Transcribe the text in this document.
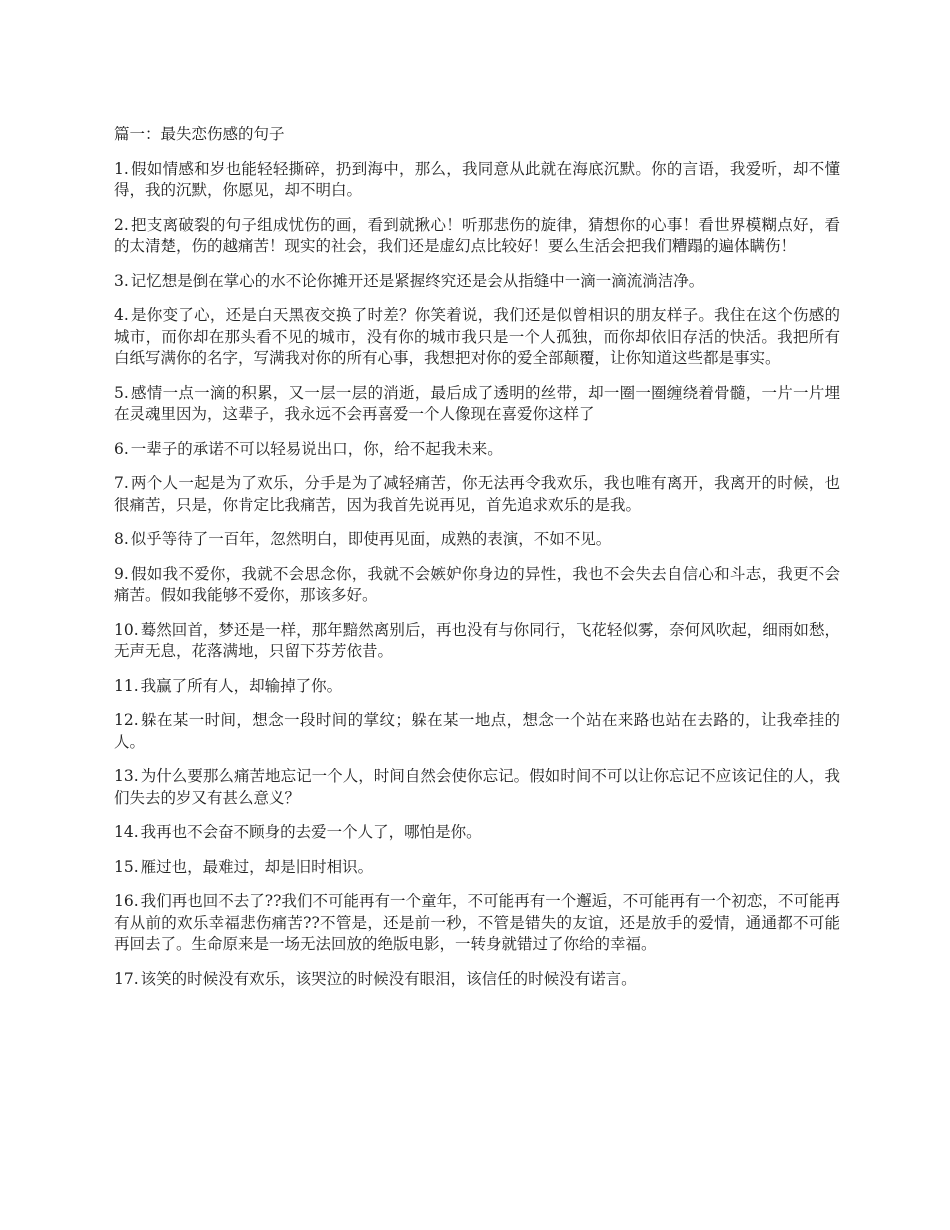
篇一：最失恋伤感的句子

1. 假如情感和岁也能轻轻撕碎，扔到海中，那么，我同意从此就在海底沉默。你的言语，我爱听，却不懂得，我的沉默，你愿见，却不明白。

2. 把支离破裂的句子组成忧伤的画，看到就揪心！听那悲伤的旋律，猜想你的心事！看世界模糊点好，看的太清楚，伤的越痛苦！现实的社会，我们还是虚幻点比较好！要么生活会把我们糟蹋的遍体瞒伤！

3. 记忆想是倒在掌心的水不论你摊开还是紧握终究还是会从指缝中一滴一滴流淌洁净。

4. 是你变了心，还是白天黑夜交换了时差？你笑着说，我们还是似曾相识的朋友样子。我住在这个伤感的城市，而你却在那头看不见的城市，没有你的城市我只是一个人孤独，而你却依旧存活的快活。我把所有白纸写满你的名字，写满我对你的所有心事，我想把对你的爱全部颠覆，让你知道这些都是事实。

5. 感情一点一滴的积累，又一层一层的消逝，最后成了透明的丝带，却一圈一圈缠绕着骨髓，一片一片埋在灵魂里因为，这辈子，我永远不会再喜爱一个人像现在喜爱你这样了

6. 一辈子的承诺不可以轻易说出口，你，给不起我未来。

7. 两个人一起是为了欢乐，分手是为了减轻痛苦，你无法再令我欢乐，我也唯有离开，我离开的时候，也很痛苦，只是，你肯定比我痛苦，因为我首先说再见，首先追求欢乐的是我。

8. 似乎等待了一百年，忽然明白，即使再见面，成熟的表演，不如不见。

9. 假如我不爱你，我就不会思念你，我就不会嫉妒你身边的异性，我也不会失去自信心和斗志，我更不会痛苦。假如我能够不爱你，那该多好。

10. 蓦然回首，梦还是一样，那年黯然离别后，再也没有与你同行，飞花轻似雾，奈何风吹起，细雨如愁，无声无息，花落满地，只留下芬芳依昔。

11. 我赢了所有人，却输掉了你。

12. 躲在某一时间，想念一段时间的掌纹；躲在某一地点，想念一个站在来路也站在去路的，让我牵挂的人。

13. 为什么要那么痛苦地忘记一个人，时间自然会使你忘记。假如时间不可以让你忘记不应该记住的人，我们失去的岁又有甚么意义？

14. 我再也不会奋不顾身的去爱一个人了，哪怕是你。

15. 雁过也，最难过，却是旧时相识。

16. 我们再也回不去了??我们不可能再有一个童年，不可能再有一个邂逅，不可能再有一个初恋，不可能再有从前的欢乐幸福悲伤痛苦??不管是，还是前一秒，不管是错失的友谊，还是放手的爱情，通通都不可能再回去了。生命原来是一场无法回放的绝版电影，一转身就错过了你给的幸福。

17. 该笑的时候没有欢乐，该哭泣的时候没有眼泪，该信任的时候没有诺言。
